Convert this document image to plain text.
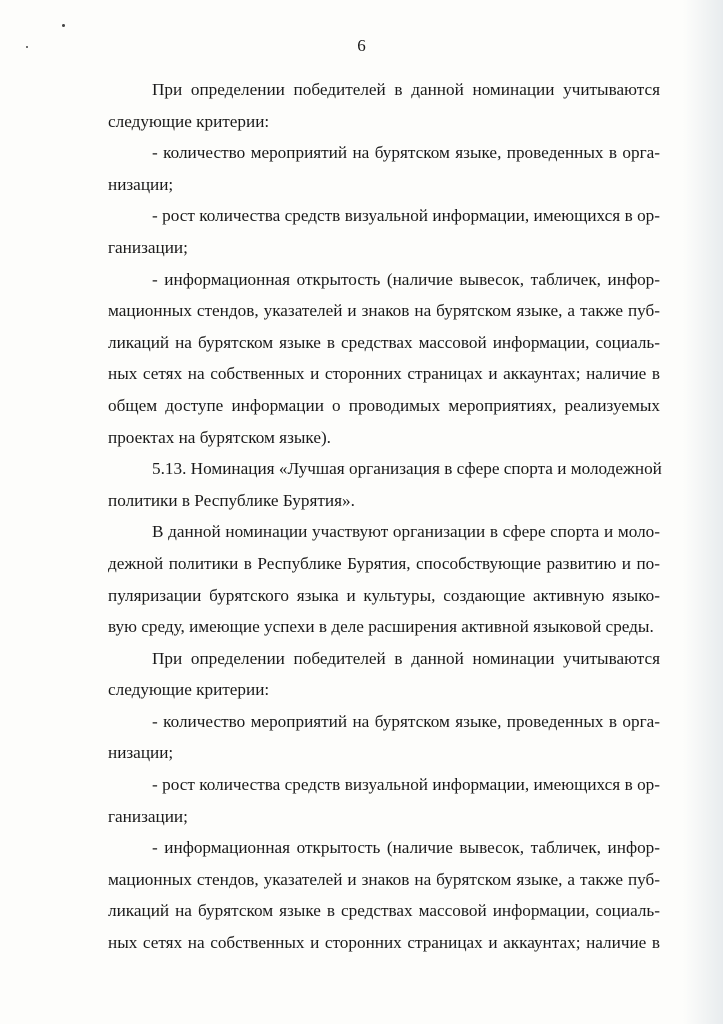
6
При определении победителей в данной номинации учитываются
следующие критерии:
- количество мероприятий на бурятском языке, проведенных в орга-
низации;
- рост количества средств визуальной информации, имеющихся в ор-
ганизации;
- информационная открытость (наличие вывесок, табличек, инфор-
мационных стендов, указателей и знаков на бурятском языке, а также пуб-
ликаций на бурятском языке в средствах массовой информации, социаль-
ных сетях на собственных и сторонних страницах и аккаунтах; наличие в
общем доступе информации о проводимых мероприятиях, реализуемых
проектах на бурятском языке).
5.13. Номинация «Лучшая организация в сфере спорта и молодежной
политики в Республике Бурятия».
В данной номинации участвуют организации в сфере спорта и моло-
дежной политики в Республике Бурятия, способствующие развитию и по-
пуляризации бурятского языка и культуры, создающие активную языко-
вую среду, имеющие успехи в деле расширения активной языковой среды.
При определении победителей в данной номинации учитываются
следующие критерии:
- количество мероприятий на бурятском языке, проведенных в орга-
низации;
- рост количества средств визуальной информации, имеющихся в ор-
ганизации;
- информационная открытость (наличие вывесок, табличек, инфор-
мационных стендов, указателей и знаков на бурятском языке, а также пуб-
ликаций на бурятском языке в средствах массовой информации, социаль-
ных сетях на собственных и сторонних страницах и аккаунтах; наличие в
